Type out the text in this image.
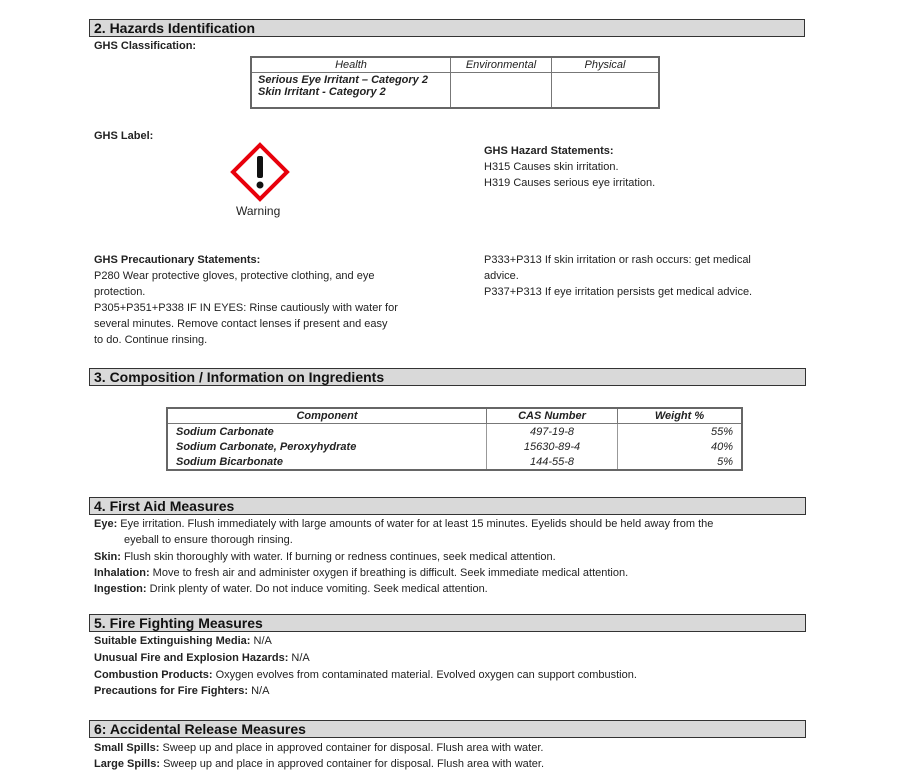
2. Hazards Identification
GHS Classification:
Health	Environmental	Physical

Serious Eye Irritant – Category 2
Skin Irritant - Category 2		

GHS Label:
Warning
GHS Hazard Statements:
H315 Causes skin irritation.
H319 Causes serious eye irritation.
GHS Precautionary Statements:
P280 Wear protective gloves, protective clothing, and eye
protection.
P305+P351+P338 IF IN EYES: Rinse cautiously with water for
several minutes. Remove contact lenses if present and easy
to do. Continue rinsing.
P333+P313 If skin irritation or rash occurs: get medical
advice.
P337+P313 If eye irritation persists get medical advice.
3. Composition / Information on Ingredients
Component	CAS Number	Weight %
Sodium Carbonate	497-19-8	55%
Sodium Carbonate, Peroxyhydrate	15630-89-4	40%
Sodium Bicarbonate	144-55-8	5%
4. First Aid Measures
Eye: Eye irritation. Flush immediately with large amounts of water for at least 15 minutes. Eyelids should be held away from the
eyeball to ensure thorough rinsing.
Skin: Flush skin thoroughly with water. If burning or redness continues, seek medical attention.
Inhalation: Move to fresh air and administer oxygen if breathing is difficult. Seek immediate medical attention.
Ingestion: Drink plenty of water. Do not induce vomiting. Seek medical attention.
5. Fire Fighting Measures
Suitable Extinguishing Media: N/A
Unusual Fire and Explosion Hazards: N/A
Combustion Products: Oxygen evolves from contaminated material. Evolved oxygen can support combustion.
Precautions for Fire Fighters: N/A
6: Accidental Release Measures
Small Spills: Sweep up and place in approved container for disposal. Flush area with water.
Large Spills: Sweep up and place in approved container for disposal. Flush area with water.
